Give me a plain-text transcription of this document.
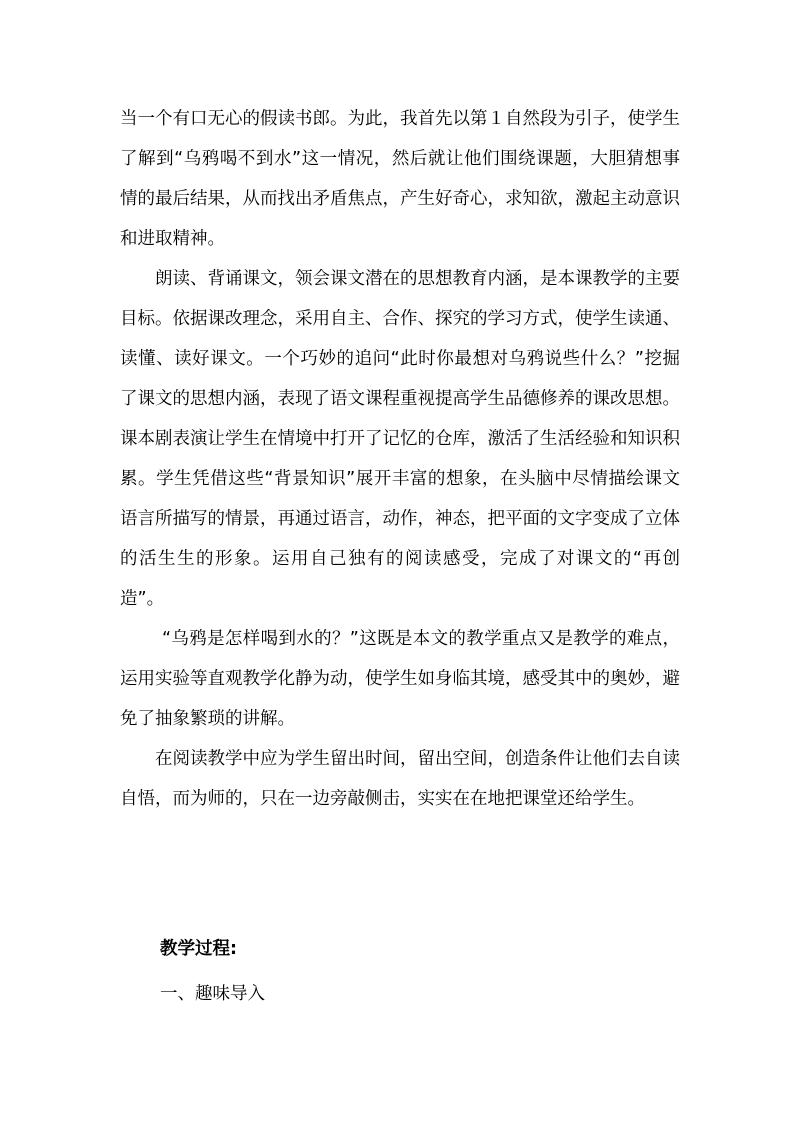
当一个有口无心的假读书郎。为此，我首先以第１自然段为引子，使学生了解到“乌鸦喝不到水”这一情况，然后就让他们围绕课题，大胆猜想事情的最后结果，从而找出矛盾焦点，产生好奇心，求知欲，激起主动意识和进取精神。

朗读、背诵课文，领会课文潜在的思想教育内涵，是本课教学的主要目标。依据课改理念，采用自主、合作、探究的学习方式，使学生读通、读懂、读好课文。一个巧妙的追问“此时你最想对乌鸦说些什么？”挖掘了课文的思想内涵，表现了语文课程重视提高学生品德修养的课改思想。课本剧表演让学生在情境中打开了记忆的仓库，激活了生活经验和知识积累。学生凭借这些“背景知识”展开丰富的想象，在头脑中尽情描绘课文语言所描写的情景，再通过语言，动作，神态，把平面的文字变成了立体的活生生的形象。运用自己独有的阅读感受，完成了对课文的“再创造”。

“乌鸦是怎样喝到水的？”这既是本文的教学重点又是教学的难点，运用实验等直观教学化静为动，使学生如身临其境，感受其中的奥妙，避免了抽象繁琐的讲解。

在阅读教学中应为学生留出时间，留出空间，创造条件让他们去自读自悟，而为师的，只在一边旁敲侧击，实实在在地把课堂还给学生。

教学过程:
一、趣味导入
